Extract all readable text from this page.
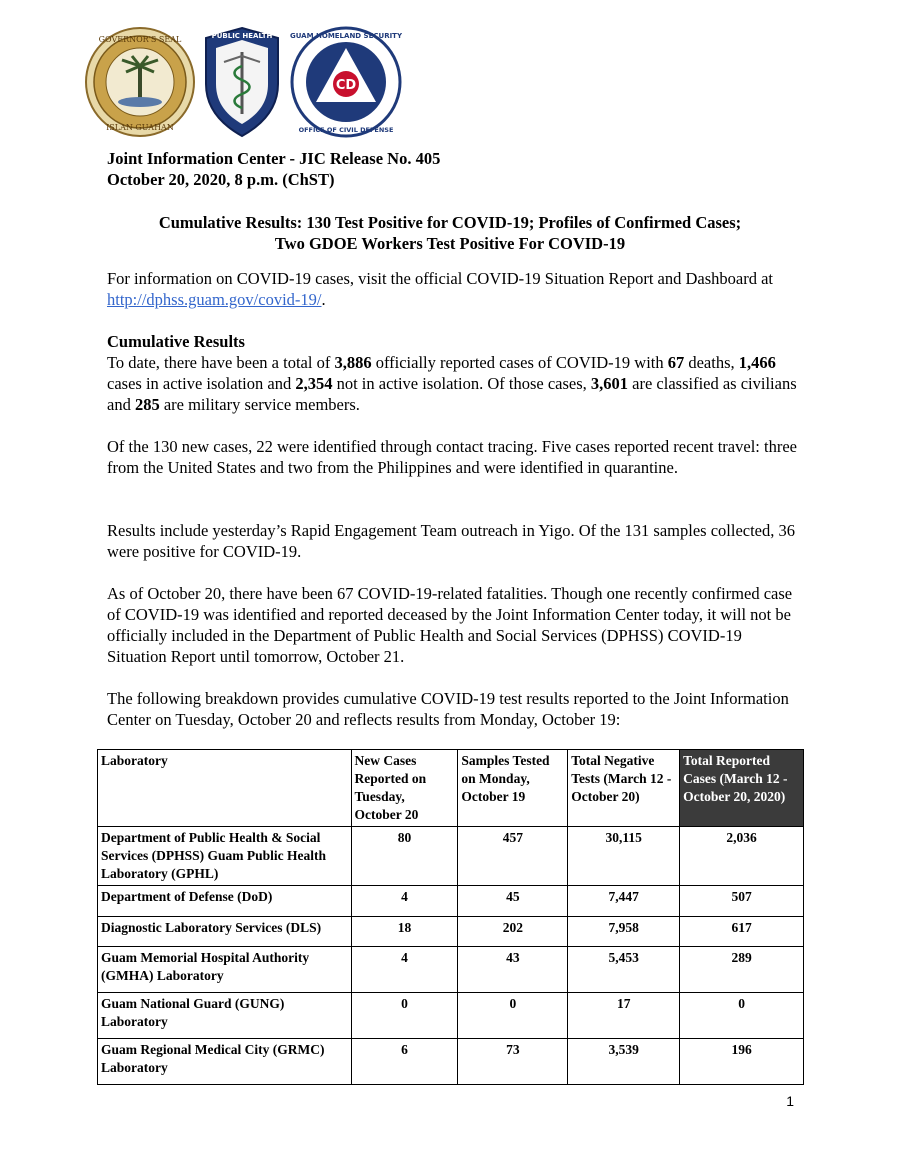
GOVERNOR'S SEAL
ISLAN GUAHAN
PUBLIC HEALTH
CD
GUAM HOMELAND SECURITY
OFFICE OF CIVIL DEFENSE
Joint Information Center - JIC Release No. 405
October 20, 2020, 8 p.m. (ChST)
Cumulative Results: 130 Test Positive for COVID-19; Profiles of Confirmed Cases;
Two GDOE Workers Test Positive For COVID-19

For information on COVID-19 cases, visit the official COVID-19 Situation Report and Dashboard at http://dphss.guam.gov/covid-19/.

Cumulative Results

To date, there have been a total of 3,886 officially reported cases of COVID-19 with 67 deaths, 1,466 cases in active isolation and 2,354 not in active isolation. Of those cases, 3,601 are classified as civilians and 285 are military service members.

Of the 130 new cases, 22 were identified through contact tracing. Five cases reported recent travel: three from the United States and two from the Philippines and were identified in quarantine.

Results include yesterday’s Rapid Engagement Team outreach in Yigo. Of the 131 samples collected, 36 were positive for COVID-19.

As of October 20, there have been 67 COVID-19-related fatalities. Though one recently confirmed case of COVID-19 was identified and reported deceased by the Joint Information Center today, it will not be officially included in the Department of Public Health and Social Services (DPHSS) COVID-19 Situation Report until tomorrow, October 21.

The following breakdown provides cumulative COVID-19 test results reported to the Joint Information Center on Tuesday, October 20 and reflects results from Monday, October 19:

Laboratory	New Cases Reported on Tuesday, October 20	Samples Tested on Monday, October 19	Total Negative Tests (March 12 - October 20)	Total Reported Cases (March 12 - October 20, 2020)
Department of Public Health & Social Services (DPHSS) Guam Public Health Laboratory (GPHL)	80	457	30,115	2,036
Department of Defense (DoD)	4	45	7,447	507
Diagnostic Laboratory Services (DLS)	18	202	7,958	617
Guam Memorial Hospital Authority (GMHA) Laboratory	4	43	5,453	289
Guam National Guard (GUNG) Laboratory	0	0	17	0
Guam Regional Medical City (GRMC) Laboratory	6	73	3,539	196
1
